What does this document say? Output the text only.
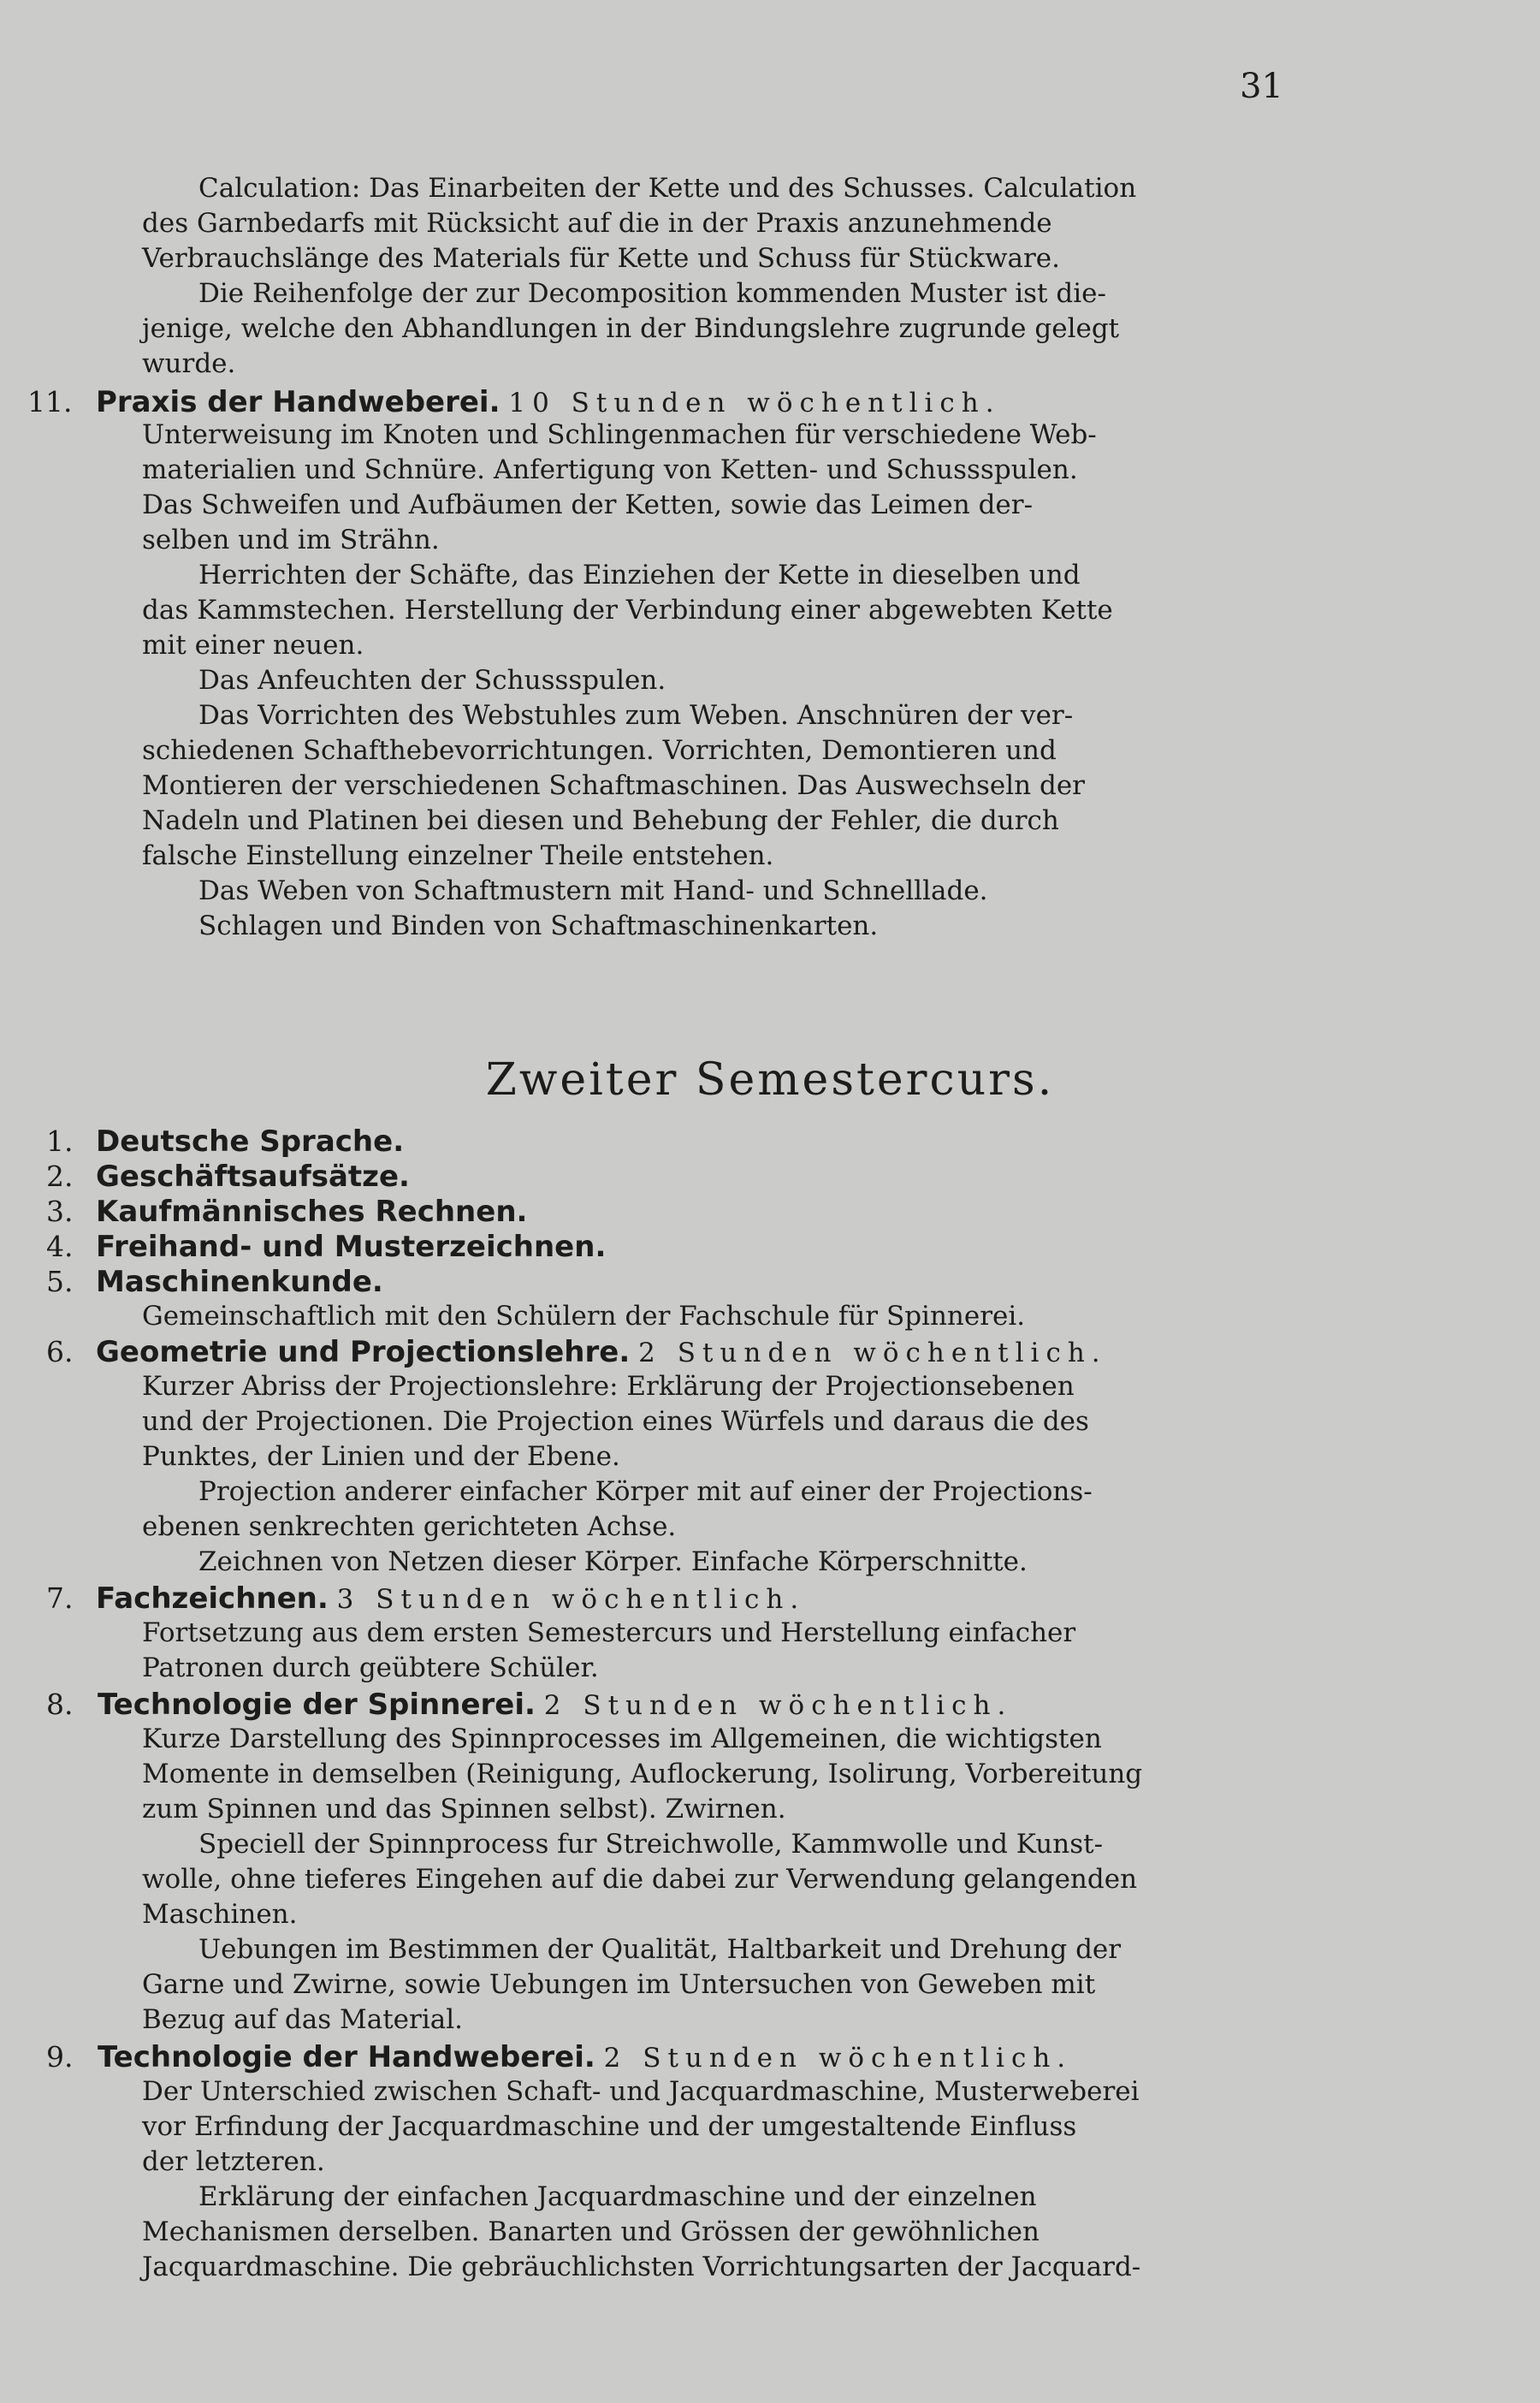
31
Calculation: Das Einarbeiten der Kette und des Schusses. Calculation
des Garnbedarfs mit Rücksicht auf die in der Praxis anzunehmende
Verbrauchslänge des Materials für Kette und Schuss für Stückware.
Die Reihenfolge der zur Decomposition kommenden Muster ist die-
jenige, welche den Abhandlungen in der Bindungslehre zugrunde gelegt
wurde.
11. Praxis der Handweberei. 10 Stunden wöchentlich.
Unterweisung im Knoten und Schlingenmachen für verschiedene Web-
materialien und Schnüre. Anfertigung von Ketten- und Schussspulen.
Das Schweifen und Aufbäumen der Ketten, sowie das Leimen der-
selben und im Strähn.
Herrichten der Schäfte, das Einziehen der Kette in dieselben und
das Kammstechen. Herstellung der Verbindung einer abgewebten Kette
mit einer neuen.
Das Anfeuchten der Schussspulen.
Das Vorrichten des Webstuhles zum Weben. Anschnüren der ver-
schiedenen Schafthebevorrichtungen. Vorrichten, Demontieren und
Montieren der verschiedenen Schaftmaschinen. Das Auswechseln der
Nadeln und Platinen bei diesen und Behebung der Fehler, die durch
falsche Einstellung einzelner Theile entstehen.
Das Weben von Schaftmustern mit Hand- und Schnelllade.
Schlagen und Binden von Schaftmaschinenkarten.
Zweiter Semestercurs.
1. Deutsche Sprache.
2. Geschäftsaufsätze.
3. Kaufmännisches Rechnen.
4. Freihand- und Musterzeichnen.
5. Maschinenkunde.
Gemeinschaftlich mit den Schülern der Fachschule für Spinnerei.
6. Geometrie und Projectionslehre. 2 Stunden wöchentlich.
Kurzer Abriss der Projectionslehre: Erklärung der Projectionsebenen
und der Projectionen. Die Projection eines Würfels und daraus die des
Punktes, der Linien und der Ebene.
Projection anderer einfacher Körper mit auf einer der Projections-
ebenen senkrechten gerichteten Achse.
Zeichnen von Netzen dieser Körper. Einfache Körperschnitte.
7. Fachzeichnen. 3 Stunden wöchentlich.
Fortsetzung aus dem ersten Semestercurs und Herstellung einfacher
Patronen durch geübtere Schüler.
8. Technologie der Spinnerei. 2 Stunden wöchentlich.
Kurze Darstellung des Spinnprocesses im Allgemeinen, die wichtigsten
Momente in demselben (Reinigung, Auflockerung, Isolirung, Vorbereitung
zum Spinnen und das Spinnen selbst). Zwirnen.
Speciell der Spinnprocess fur Streichwolle, Kammwolle und Kunst-
wolle, ohne tieferes Eingehen auf die dabei zur Verwendung gelangenden
Maschinen.
Uebungen im Bestimmen der Qualität, Haltbarkeit und Drehung der
Garne und Zwirne, sowie Uebungen im Untersuchen von Geweben mit
Bezug auf das Material.
9. Technologie der Handweberei. 2 Stunden wöchentlich.
Der Unterschied zwischen Schaft- und Jacquardmaschine, Musterweberei
vor Erfindung der Jacquardmaschine und der umgestaltende Einfluss
der letzteren.
Erklärung der einfachen Jacquardmaschine und der einzelnen
Mechanismen derselben. Banarten und Grössen der gewöhnlichen
Jacquardmaschine. Die gebräuchlichsten Vorrichtungsarten der Jacquard-
